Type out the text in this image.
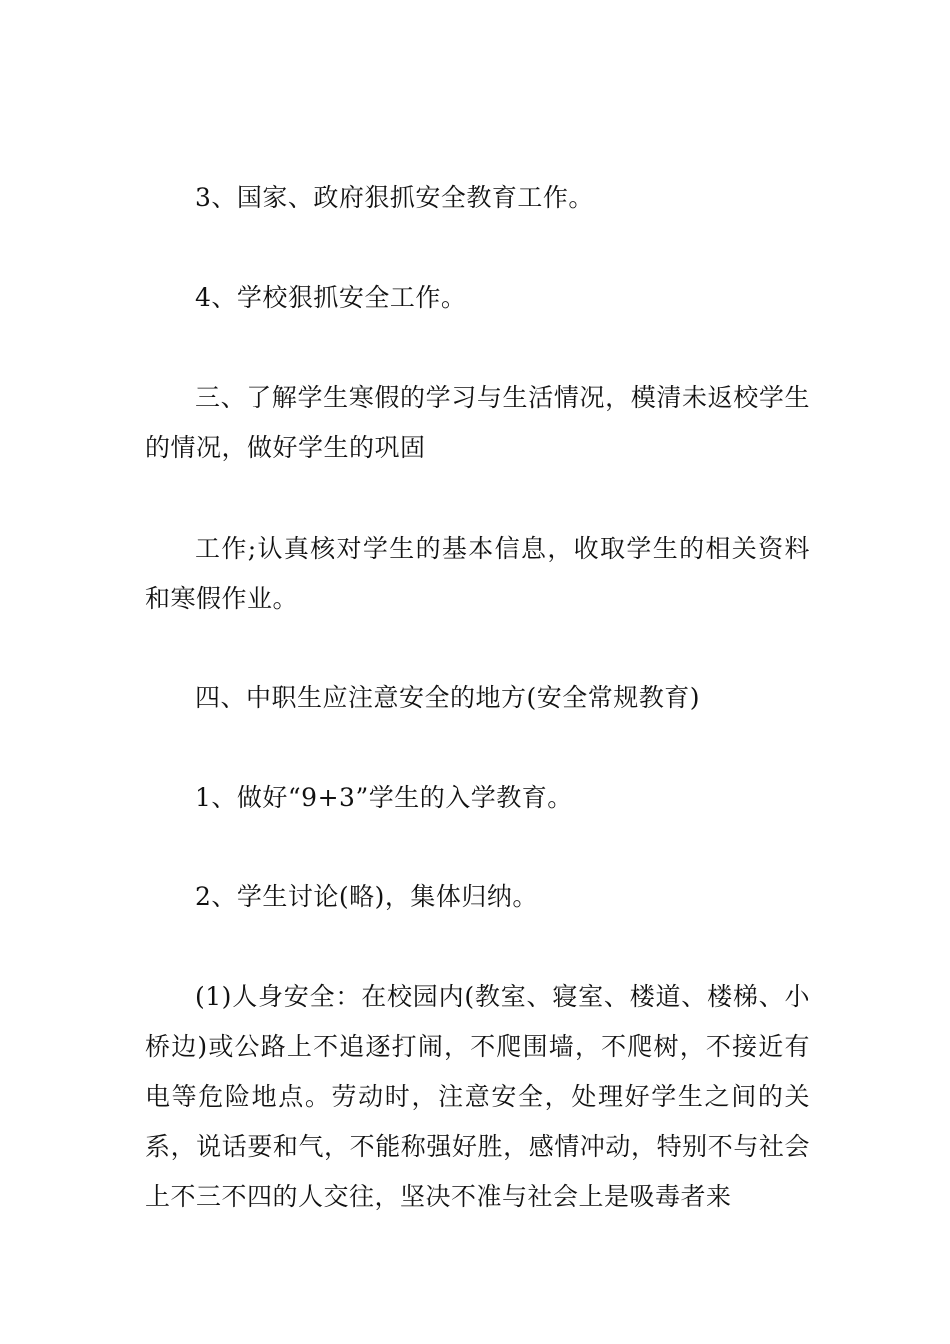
3、国家、政府狠抓安全教育工作。

4、学校狠抓安全工作。

三、了解学生寒假的学习与生活情况，模清未返校学生的情况，做好学生的巩固

工作;认真核对学生的基本信息，收取学生的相关资料和寒假作业。

四、中职生应注意安全的地方(安全常规教育)

1、做好“9+3”学生的入学教育。

2、学生讨论(略)，集体归纳。

(1)人身安全：在校园内(教室、寝室、楼道、楼梯、小桥边)或公路上不追逐打闹，不爬围墙，不爬树，不接近有电等危险地点。劳动时，注意安全，处理好学生之间的关系，说话要和气，不能称强好胜，感情冲动，特别不与社会上不三不四的人交往，坚决不准与社会上是吸毒者来
